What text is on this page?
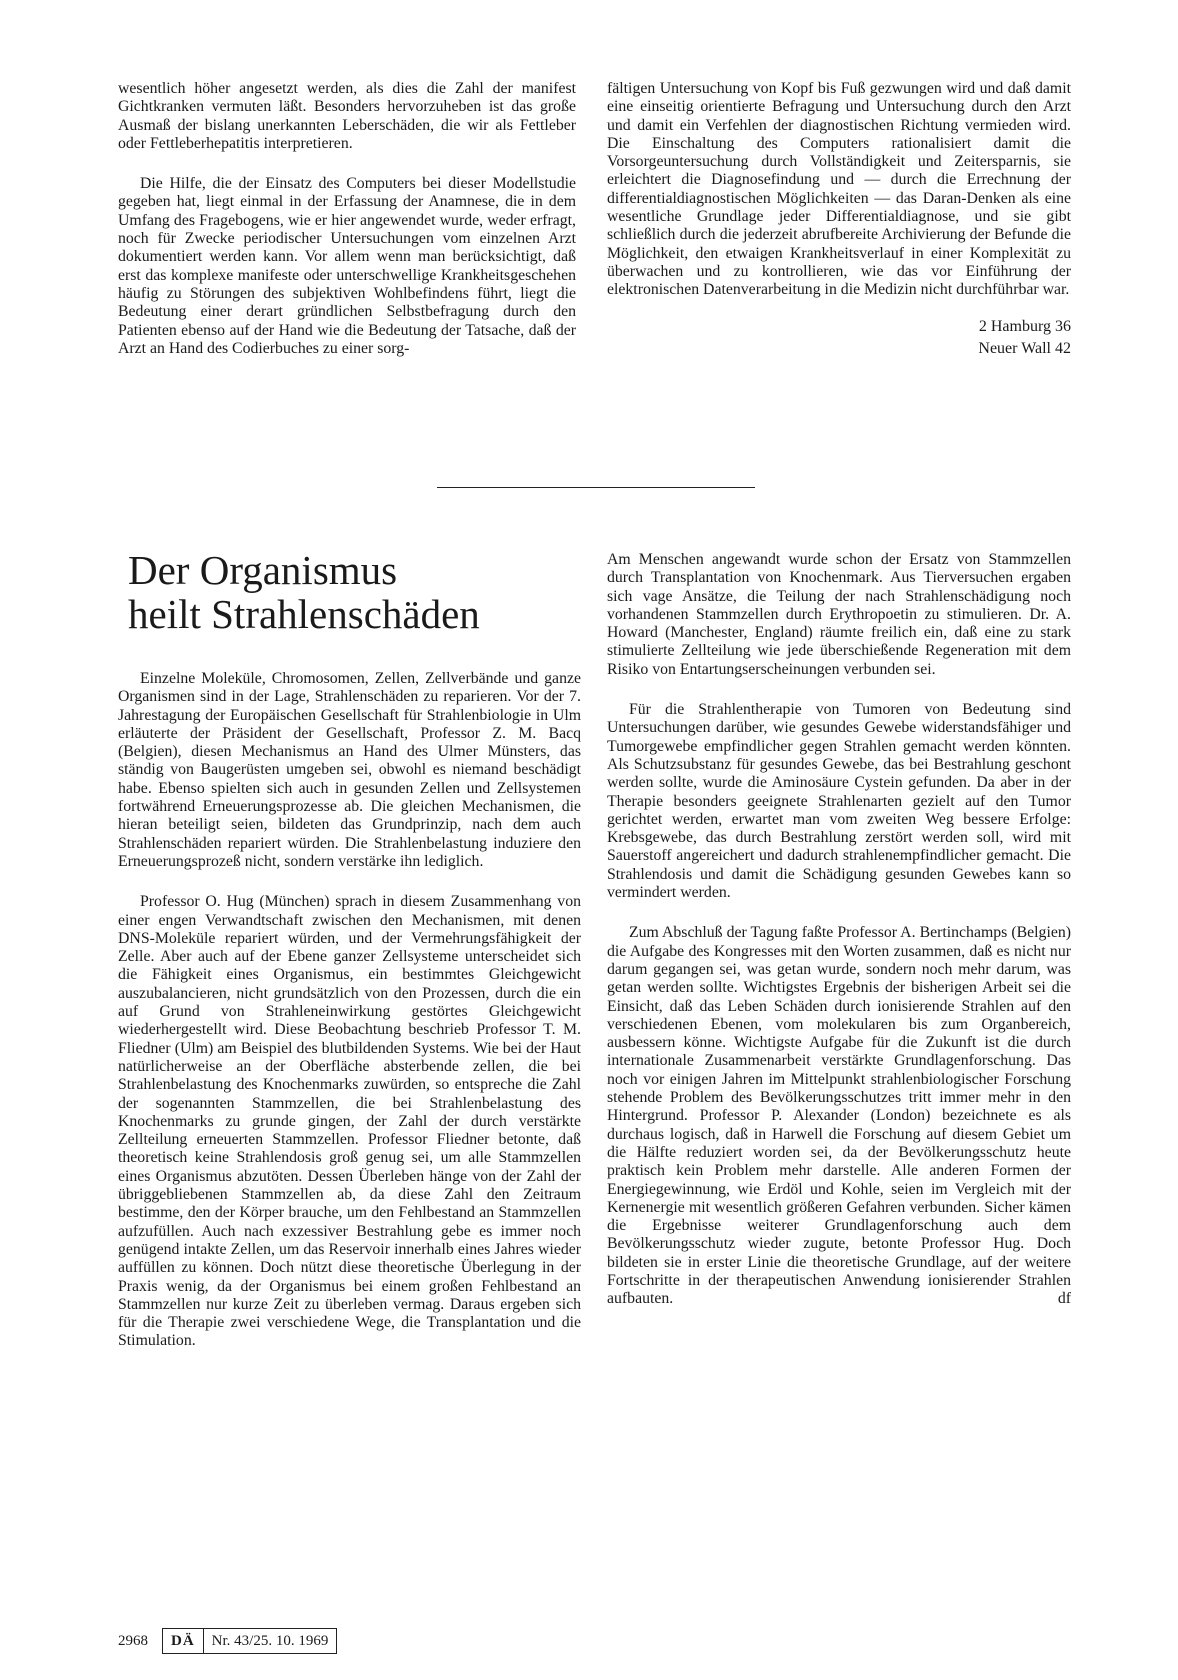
wesentlich höher angesetzt werden, als dies die Zahl der manifest Gichtkranken vermuten läßt. Besonders hervorzuheben ist das große Ausmaß der bislang unerkannten Leberschäden, die wir als Fettleber oder Fettleberhepatitis interpretieren.

Die Hilfe, die der Einsatz des Computers bei dieser Modellstudie gegeben hat, liegt einmal in der Erfassung der Anamnese, die in dem Umfang des Fragebogens, wie er hier angewendet wurde, weder erfragt, noch für Zwecke periodischer Untersuchungen vom einzelnen Arzt dokumentiert werden kann. Vor allem wenn man berücksichtigt, daß erst das komplexe manifeste oder unterschwellige Krankheitsgeschehen häufig zu Störungen des subjektiven Wohlbefindens führt, liegt die Bedeutung einer derart gründlichen Selbstbefragung durch den Patienten ebenso auf der Hand wie die Bedeutung der Tatsache, daß der Arzt an Hand des Codierbuches zu einer sorg-

fältigen Untersuchung von Kopf bis Fuß gezwungen wird und daß damit eine einseitig orientierte Befragung und Untersuchung durch den Arzt und damit ein Verfehlen der diagnostischen Richtung vermieden wird. Die Einschaltung des Computers rationalisiert damit die Vorsorgeuntersuchung durch Vollständigkeit und Zeitersparnis, sie erleichtert die Diagnosefindung und — durch die Errechnung der differentialdiagnostischen Möglichkeiten — das Daran-Denken als eine wesentliche Grundlage jeder Differentialdiagnose, und sie gibt schließlich durch die jederzeit abrufbereite Archivierung der Befunde die Möglichkeit, den etwaigen Krankheitsverlauf in einer Komplexität zu überwachen und zu kontrollieren, wie das vor Einführung der elektronischen Datenverarbeitung in die Medizin nicht durchführbar war.

2 Hamburg 36
Neuer Wall 42
Der Organismus
heilt Strahlenschäden

Einzelne Moleküle, Chromosomen, Zellen, Zellverbände und ganze Organismen sind in der Lage, Strahlenschäden zu reparieren. Vor der 7. Jahrestagung der Europäischen Gesellschaft für Strahlenbiologie in Ulm erläuterte der Präsident der Gesellschaft, Professor Z. M. Bacq (Belgien), diesen Mechanismus an Hand des Ulmer Münsters, das ständig von Baugerüsten umgeben sei, obwohl es niemand beschädigt habe. Ebenso spielten sich auch in gesunden Zellen und Zellsystemen fortwährend Erneuerungsprozesse ab. Die gleichen Mechanismen, die hieran beteiligt seien, bildeten das Grundprinzip, nach dem auch Strahlenschäden repariert würden. Die Strahlenbelastung induziere den Erneuerungsprozeß nicht, sondern verstärke ihn lediglich.

Professor O. Hug (München) sprach in diesem Zusammenhang von einer engen Verwandtschaft zwischen den Mechanismen, mit denen DNS-Moleküle repariert würden, und der Vermehrungsfähigkeit der Zelle. Aber auch auf der Ebene ganzer Zellsysteme unterscheidet sich die Fähigkeit eines Organismus, ein bestimmtes Gleichgewicht auszubalancieren, nicht grundsätzlich von den Prozessen, durch die ein auf Grund von Strahleneinwirkung gestörtes Gleichgewicht wiederhergestellt wird. Diese Beobachtung beschrieb Professor T. M. Fliedner (Ulm) am Beispiel des blutbildenden Systems. Wie bei der Haut natürlicherweise an der Oberfläche absterbende zellen, die bei Strahlenbelastung des Knochenmarks zuwürden, so entspreche die Zahl der sogenannten Stammzellen, die bei Strahlenbelastung des Knochenmarks zu grunde gingen, der Zahl der durch verstärkte Zellteilung erneuerten Stammzellen. Professor Fliedner betonte, daß theoretisch keine Strahlendosis groß genug sei, um alle Stammzellen eines Organismus abzutöten. Dessen Überleben hänge von der Zahl der übriggebliebenen Stammzellen ab, da diese Zahl den Zeitraum bestimme, den der Körper brauche, um den Fehlbestand an Stammzellen aufzufüllen. Auch nach exzessiver Bestrahlung gebe es immer noch genügend intakte Zellen, um das Reservoir innerhalb eines Jahres wieder auffüllen zu können. Doch nützt diese theoretische Überlegung in der Praxis wenig, da der Organismus bei einem großen Fehlbestand an Stammzellen nur kurze Zeit zu überleben vermag. Daraus ergeben sich für die Therapie zwei verschiedene Wege, die Transplantation und die Stimulation.

Am Menschen angewandt wurde schon der Ersatz von Stammzellen durch Transplantation von Knochenmark. Aus Tierversuchen ergaben sich vage Ansätze, die Teilung der nach Strahlenschädigung noch vorhandenen Stammzellen durch Erythropoetin zu stimulieren. Dr. A. Howard (Manchester, England) räumte freilich ein, daß eine zu stark stimulierte Zellteilung wie jede überschießende Regeneration mit dem Risiko von Entartungserscheinungen verbunden sei.

Für die Strahlentherapie von Tumoren von Bedeutung sind Untersuchungen darüber, wie gesundes Gewebe widerstandsfähiger und Tumorgewebe empfindlicher gegen Strahlen gemacht werden könnten. Als Schutzsubstanz für gesundes Gewebe, das bei Bestrahlung geschont werden sollte, wurde die Aminosäure Cystein gefunden. Da aber in der Therapie besonders geeignete Strahlenarten gezielt auf den Tumor gerichtet werden, erwartet man vom zweiten Weg bessere Erfolge: Krebsgewebe, das durch Bestrahlung zerstört werden soll, wird mit Sauerstoff angereichert und dadurch strahlenempfindlicher gemacht. Die Strahlendosis und damit die Schädigung gesunden Gewebes kann so vermindert werden.

Zum Abschluß der Tagung faßte Professor A. Bertinchamps (Belgien) die Aufgabe des Kongresses mit den Worten zusammen, daß es nicht nur darum gegangen sei, was getan wurde, sondern noch mehr darum, was getan werden sollte. Wichtigstes Ergebnis der bisherigen Arbeit sei die Einsicht, daß das Leben Schäden durch ionisierende Strahlen auf den verschiedenen Ebenen, vom molekularen bis zum Organbereich, ausbessern könne. Wichtigste Aufgabe für die Zukunft ist die durch internationale Zusammenarbeit verstärkte Grundlagenforschung. Das noch vor einigen Jahren im Mittelpunkt strahlenbiologischer Forschung stehende Problem des Bevölkerungsschutzes tritt immer mehr in den Hintergrund. Professor P. Alexander (London) bezeichnete es als durchaus logisch, daß in Harwell die Forschung auf diesem Gebiet um die Hälfte reduziert worden sei, da der Bevölkerungsschutz heute praktisch kein Problem mehr darstelle. Alle anderen Formen der Energiegewinnung, wie Erdöl und Kohle, seien im Vergleich mit der Kernenergie mit wesentlich größeren Gefahren verbunden. Sicher kämen die Ergebnisse weiterer Grundlagenforschung auch dem Bevölkerungsschutz wieder zugute, betonte Professor Hug. Doch bildeten sie in erster Linie die theoretische Grundlage, auf der weitere Fortschritte in der therapeutischen Anwendung ionisierender Strahlen aufbauten.	df

2968	DÄ	Nr. 43/25. 10. 1969
